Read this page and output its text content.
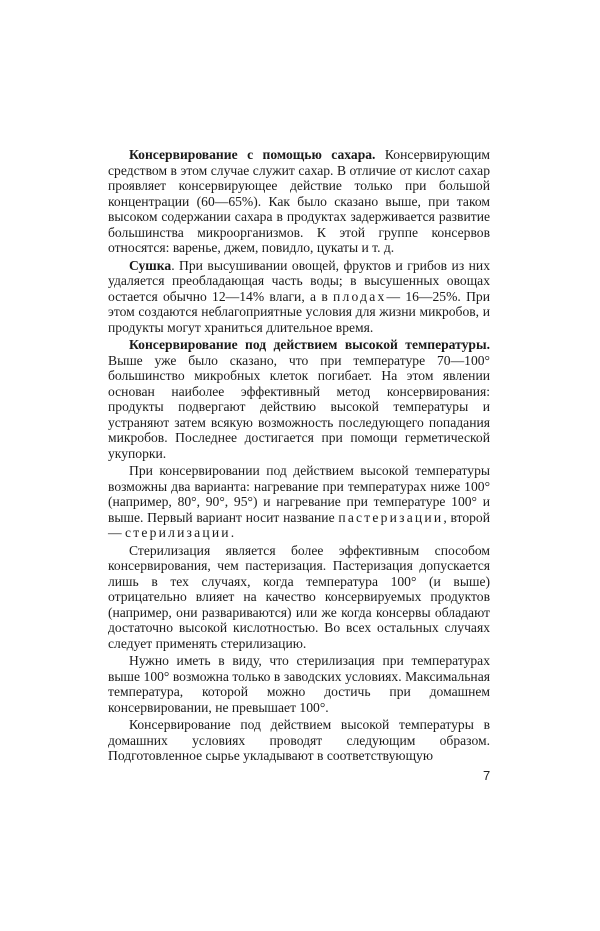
Консервирование с помощью сахара. Консервирующим средством в этом случае служит сахар. В отличие от кислот сахар проявляет консервирующее действие только при большой концентрации (60—65%). Как было сказано выше, при таком высоком содержании сахара в продуктах задерживается развитие большинства микроорганизмов. К этой группе консервов относятся: варенье, джем, повидло, цукаты и т. д.

Сушка. При высушивании овощей, фруктов и грибов из них удаляется преобладающая часть воды; в высушенных овощах остается обычно 12—14% влаги, а в плодах— 16—25%. При этом создаются неблагоприятные условия для жизни микробов, и продукты могут храниться длительное время.

Консервирование под действием высокой температуры. Выше уже было сказано, что при температуре 70—100° большинство микробных клеток погибает. На этом явлении основан наиболее эффективный метод консервирования: продукты подвергают действию высокой температуры и устраняют затем всякую возможность последующего попадания микробов. Последнее достигается при помощи герметической укупорки.

При консервировании под действием высокой температуры возможны два варианта: нагревание при температурах ниже 100° (например, 80°, 90°, 95°) и нагревание при температуре 100° и выше. Первый вариант носит название пастеризации, второй — стерилизации.

Стерилизация является более эффективным способом консервирования, чем пастеризация. Пастеризация допускается лишь в тех случаях, когда температура 100° (и выше) отрицательно влияет на качество консервируемых продуктов (например, они развариваются) или же когда консервы обладают достаточно высокой кислотностью. Во всех остальных случаях следует применять стерилизацию.

Нужно иметь в виду, что стерилизация при температурах выше 100° возможна только в заводских условиях. Максимальная температура, которой можно достичь при домашнем консервировании, не превышает 100°.

Консервирование под действием высокой температуры в домашних условиях проводят следующим образом. Подготовленное сырье укладывают в соответствующую

7
